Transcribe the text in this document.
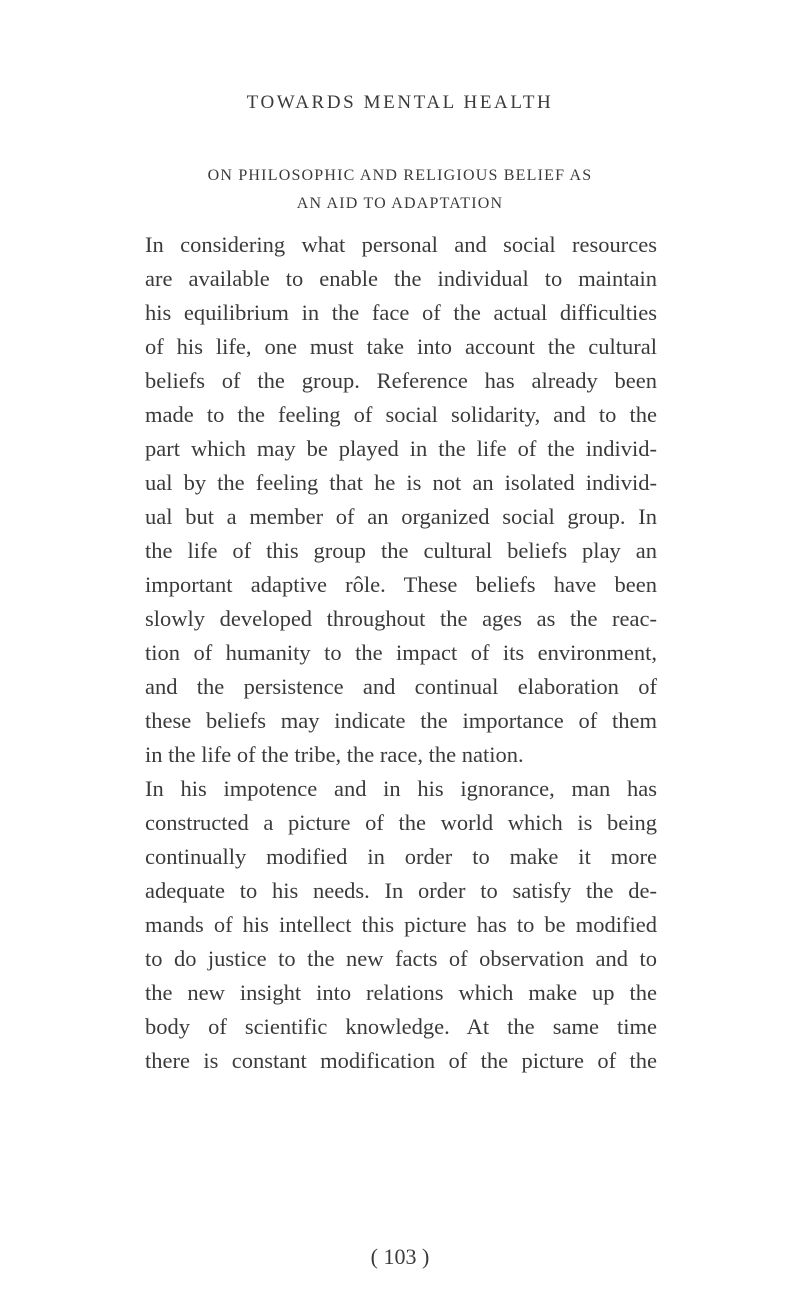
TOWARDS MENTAL HEALTH
ON PHILOSOPHIC AND RELIGIOUS BELIEF AS
AN AID TO ADAPTATION
In considering what personal and social resources
are available to enable the individual to maintain
his equilibrium in the face of the actual difficulties
of his life, one must take into account the cultural
beliefs of the group. Reference has already been
made to the feeling of social solidarity, and to the
part which may be played in the life of the individ-
ual by the feeling that he is not an isolated individ-
ual but a member of an organized social group. In
the life of this group the cultural beliefs play an
important adaptive rôle. These beliefs have been
slowly developed throughout the ages as the reac-
tion of humanity to the impact of its environment,
and the persistence and continual elaboration of
these beliefs may indicate the importance of them
in the life of the tribe, the race, the nation.
In his impotence and in his ignorance, man has
constructed a picture of the world which is being
continually modified in order to make it more
adequate to his needs. In order to satisfy the de-
mands of his intellect this picture has to be modified
to do justice to the new facts of observation and to
the new insight into relations which make up the
body of scientific knowledge. At the same time
there is constant modification of the picture of the
( 103 )
